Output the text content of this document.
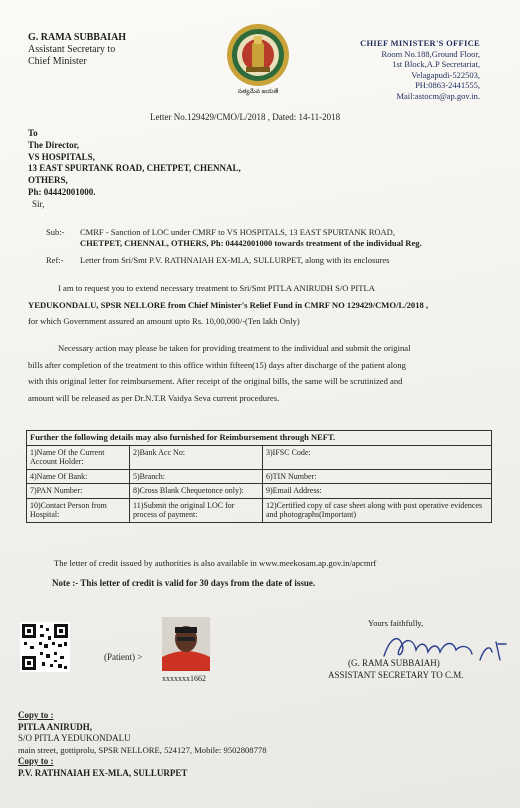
G. RAMA SUBBAIAH
Assistant Secretary to
Chief Minister
సత్యమేవ జయతే
CHIEF MINISTER'S OFFICE
Room No.188,Ground Floor,
1st Block,A.P Secretariat,
Velagapudi-522503,
PH:0863-2441555,
Mail:astocm@ap.gov.in.
Letter No.129429/CMO/L/2018 , Dated: 14-11-2018
To
The Director,
VS HOSPITALS,
13 EAST SPURTANK ROAD, CHETPET, CHENNAL,
OTHERS,
Ph: 04442001000.
Sir,
Sub:-	CMRF - Sanction of LOC under CMRF to VS HOSPITALS, 13 EAST SPURTANK ROAD,
CHETPET, CHENNAL, OTHERS, Ph: 04442001000 towards treatment of the individual Reg.
Ref:-	Letter from Sri/Smt P.V. RATHNAIAH EX-MLA, SULLURPET, along with its enclosures
I am to request you to extend necessary treatment to Sri/Smt PITLA ANIRUDH S/O PITLA
YEDUKONDALU, SPSR NELLORE from Chief Minister's Relief Fund in CMRF NO 129429/CMO/L/2018 ,
for which Government assured an amount upto Rs. 10,00,000/-(Ten lakh Only)
Necessary action may please be taken for providing treatment to the individual and submit the original
bills after completion of the treatment to this office within fifteen(15) days after discharge of the patient along
with this original letter for reimbursement. After receipt of the original bills, the same will be scrutinized and
amount will be released as per Dr.N.T.R Vaidya Seva current procedures.
Further the following details may also furnished for Reimbursement through NEFT.		
1)Name Of the Current Account Holder:	2)Bank Acc No:	3)IFSC Code:
4)Name Of Bank:	5)Branch:	6)TIN Number:
7)PAN Number:	8)Cross Blank Chequetonce only):	9)Email Address:
10)Contact Person from Hospital:	11)Submit the original LOC for process of payment:	12)Certified copy of case sheet along with post operative evidences and photographs(Important)
The letter of credit issued by authorities is also available in www.meekosam.ap.gov.in/apcmrf
Note :- This letter of credit is valid for 30 days from the date of issue.
(Patient) >
xxxxxxx1662
Yours faithfully,
(G. RAMA SUBBAIAH)
ASSISTANT SECRETARY TO C.M.
Copy to :
PITLA ANIRUDH,
S/O PITLA YEDUKONDALU
main street, gottiprolu, SPSR NELLORE, 524127, Mobile: 9502808778
Copy to :
P.V. RATHNAIAH EX-MLA, SULLURPET
